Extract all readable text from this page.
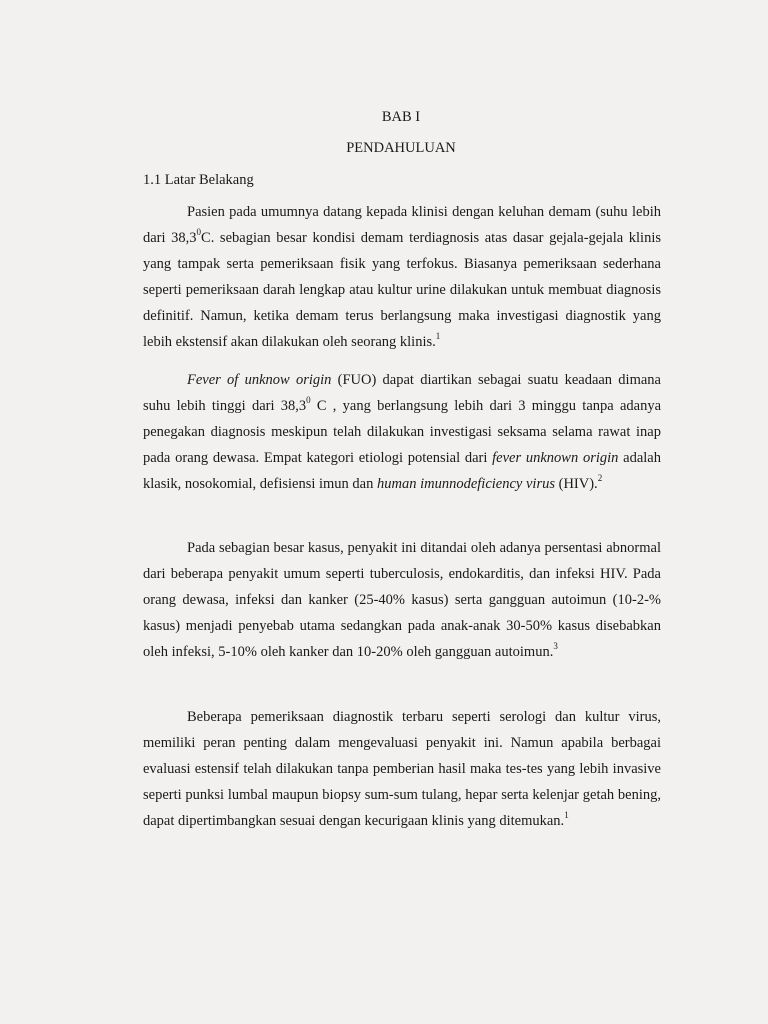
BAB I
PENDAHULUAN
1.1 Latar Belakang

Pasien pada umumnya datang kepada klinisi dengan keluhan demam (suhu lebih dari 38,3$^0$C. sebagian besar kondisi demam terdiagnosis atas dasar gejala-gejala klinis yang tampak serta pemeriksaan fisik yang terfokus. Biasanya pemeriksaan sederhana seperti pemeriksaan darah lengkap atau kultur urine dilakukan untuk membuat diagnosis definitif. Namun, ketika demam terus berlangsung maka investigasi diagnostik yang lebih ekstensif akan dilakukan oleh seorang klinis.$^1$

Fever of unknow origin (FUO) dapat diartikan sebagai suatu keadaan dimana suhu lebih tinggi dari 38,3$^0$ C , yang berlangsung lebih dari 3 minggu tanpa adanya penegakan diagnosis meskipun telah dilakukan investigasi seksama selama rawat inap pada orang dewasa. Empat kategori etiologi potensial dari fever unknown origin adalah klasik, nosokomial, defisiensi imun dan human imunnodeficiency virus (HIV).$^2$

Pada sebagian besar kasus, penyakit ini ditandai oleh adanya persentasi abnormal dari beberapa penyakit umum seperti tuberculosis, endokarditis, dan infeksi HIV. Pada orang dewasa, infeksi dan kanker (25-40% kasus) serta gangguan autoimun (10-2-% kasus) menjadi penyebab utama sedangkan pada anak-anak 30-50% kasus disebabkan oleh infeksi, 5-10% oleh kanker dan 10-20% oleh gangguan autoimun.$^3$

Beberapa pemeriksaan diagnostik terbaru seperti serologi dan kultur virus, memiliki peran penting dalam mengevaluasi penyakit ini. Namun apabila berbagai evaluasi estensif telah dilakukan tanpa pemberian hasil maka tes-tes yang lebih invasive seperti punksi lumbal maupun biopsy sum-sum tulang, hepar serta kelenjar getah bening, dapat dipertimbangkan sesuai dengan kecurigaan klinis yang ditemukan.$^1$
